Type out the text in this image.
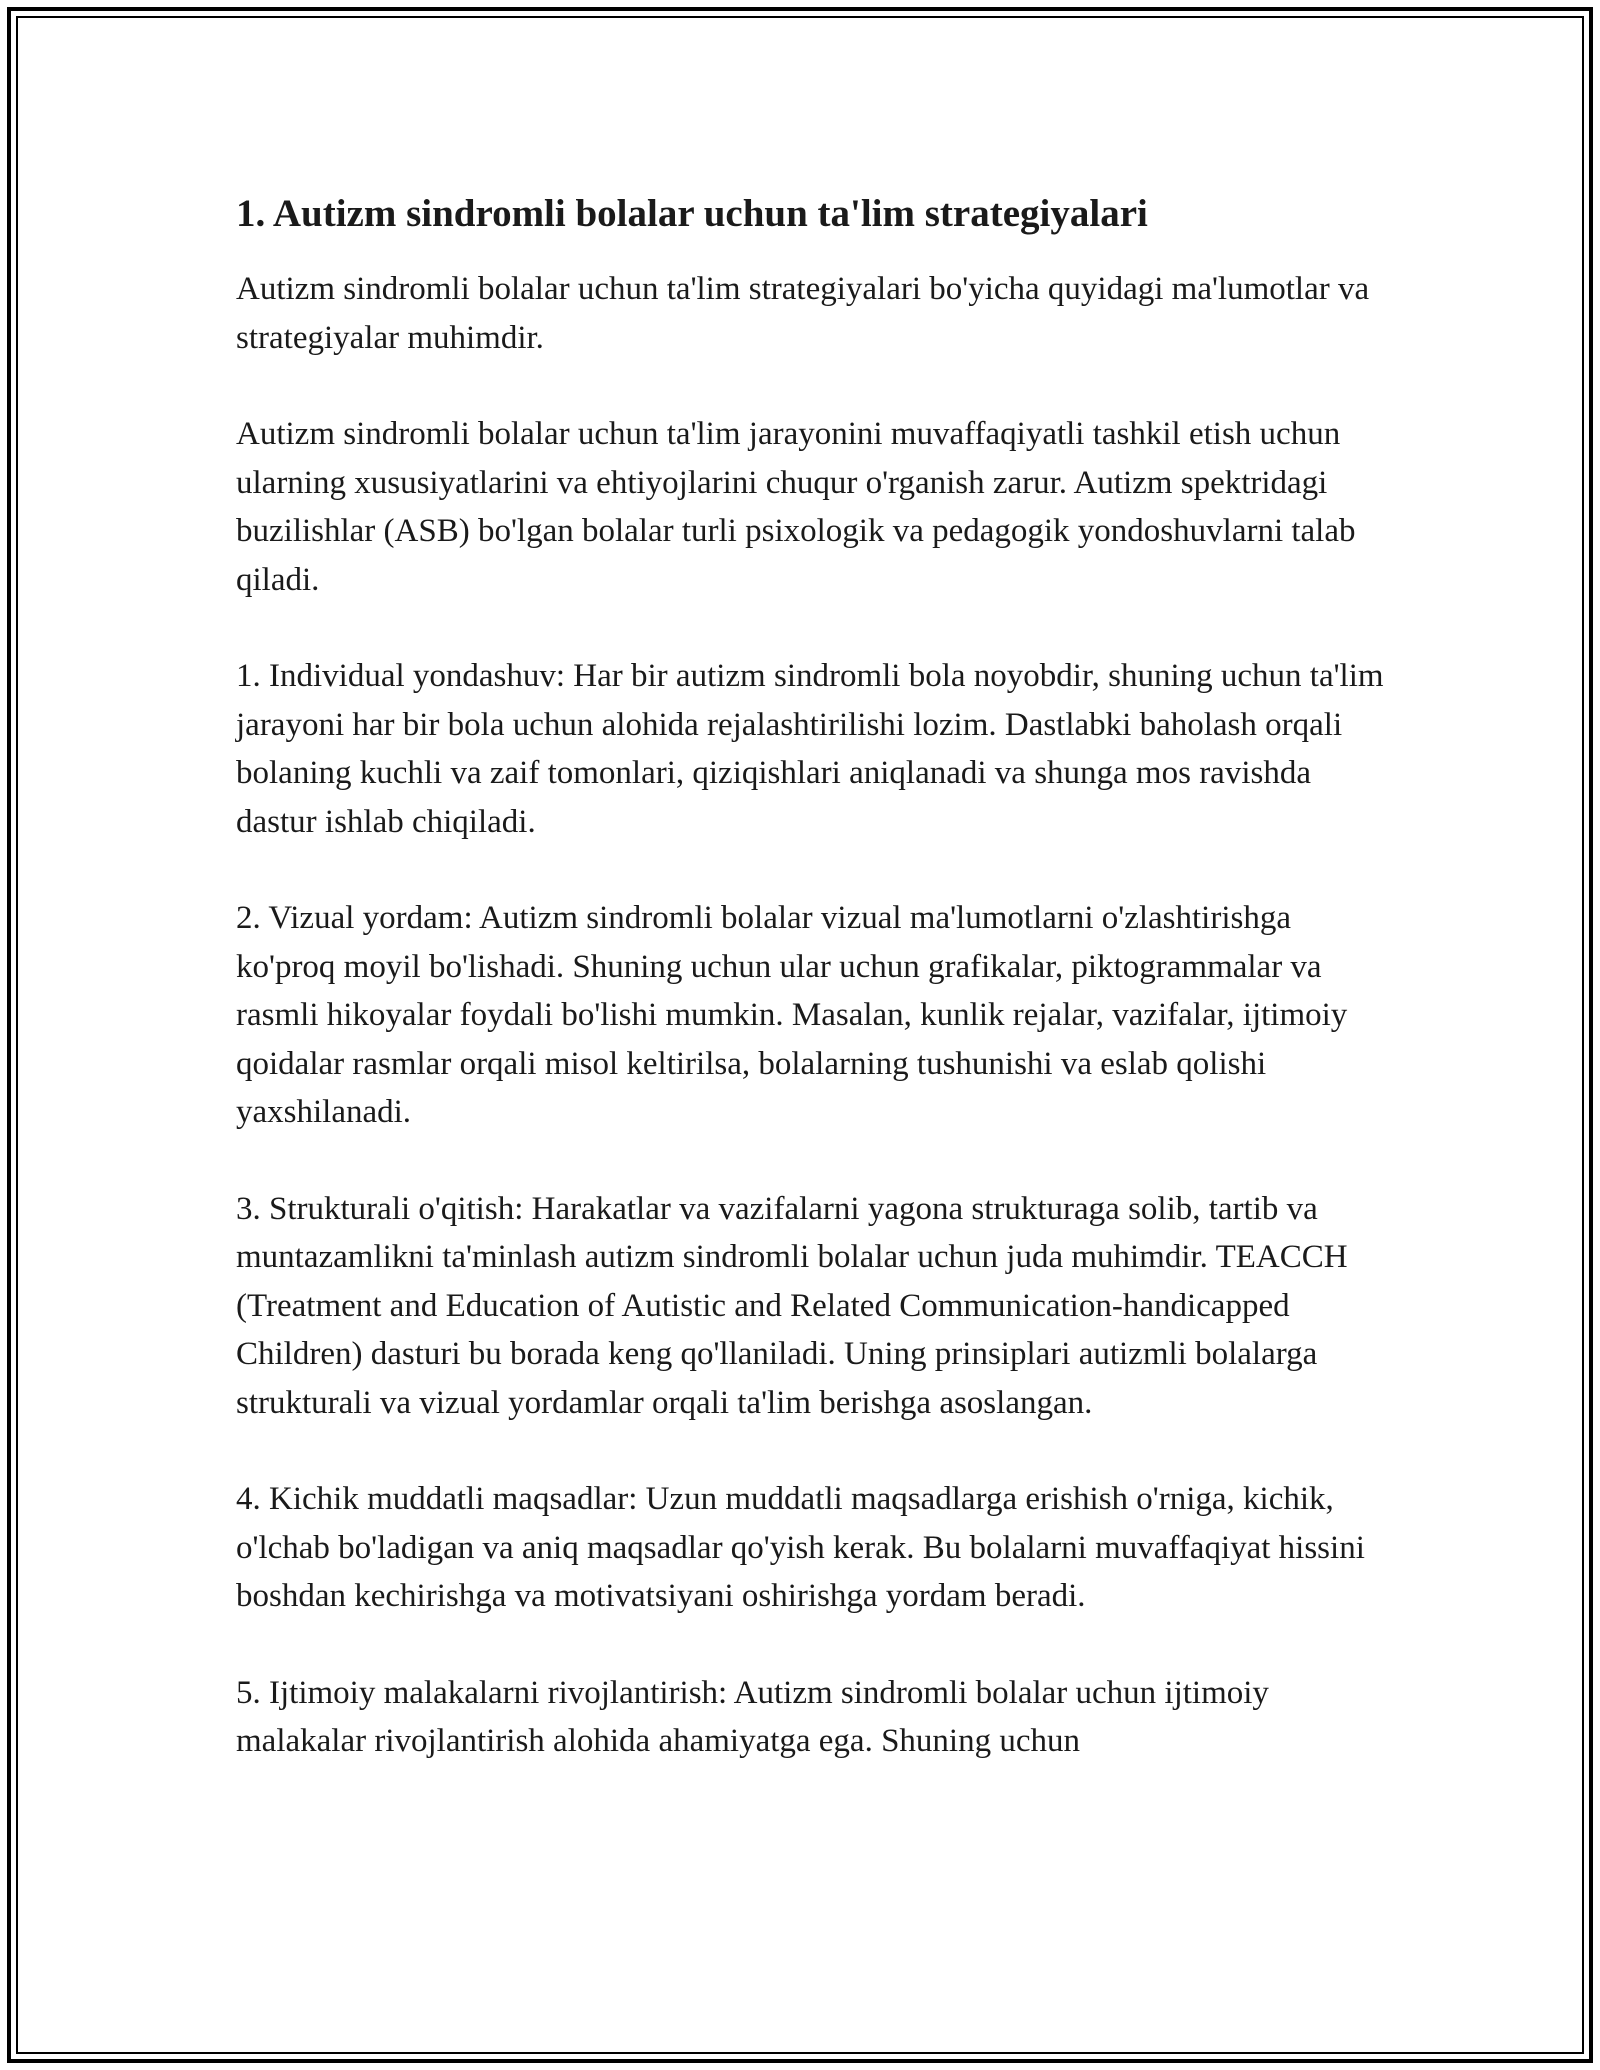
1. Autizm sindromli bolalar uchun ta'lim strategiyalari

Autizm sindromli bolalar uchun ta'lim strategiyalari bo'yicha quyidagi ma'lumotlar va strategiyalar muhimdir.

Autizm sindromli bolalar uchun ta'lim jarayonini muvaffaqiyatli tashkil etish uchun ularning xususiyatlarini va ehtiyojlarini chuqur o'rganish zarur. Autizm spektridagi buzilishlar (ASB) bo'lgan bolalar turli psixologik va pedagogik yondoshuvlarni talab qiladi.

1. Individual yondashuv: Har bir autizm sindromli bola noyobdir, shuning uchun ta'lim jarayoni har bir bola uchun alohida rejalashtirilishi lozim. Dastlabki baholash orqali bolaning kuchli va zaif tomonlari, qiziqishlari aniqlanadi va shunga mos ravishda dastur ishlab chiqiladi.

2. Vizual yordam: Autizm sindromli bolalar vizual ma'lumotlarni o'zlashtirishga ko'proq moyil bo'lishadi. Shuning uchun ular uchun grafikalar, piktogrammalar va rasmli hikoyalar foydali bo'lishi mumkin. Masalan, kunlik rejalar, vazifalar, ijtimoiy qoidalar rasmlar orqali misol keltirilsa, bolalarning tushunishi va eslab qolishi yaxshilanadi.

3. Strukturali o'qitish: Harakatlar va vazifalarni yagona strukturaga solib, tartib va muntazamlikni ta'minlash autizm sindromli bolalar uchun juda muhimdir. TEACCH (Treatment and Education of Autistic and Related Communication-handicapped Children) dasturi bu borada keng qo'llaniladi. Uning prinsiplari autizmli bolalarga strukturali va vizual yordamlar orqali ta'lim berishga asoslangan.

4. Kichik muddatli maqsadlar: Uzun muddatli maqsadlarga erishish o'rniga, kichik, o'lchab bo'ladigan va aniq maqsadlar qo'yish kerak. Bu bolalarni muvaffaqiyat hissini boshdan kechirishga va motivatsiyani oshirishga yordam beradi.

5. Ijtimoiy malakalarni rivojlantirish: Autizm sindromli bolalar uchun ijtimoiy malakalar rivojlantirish alohida ahamiyatga ega. Shuning uchun
